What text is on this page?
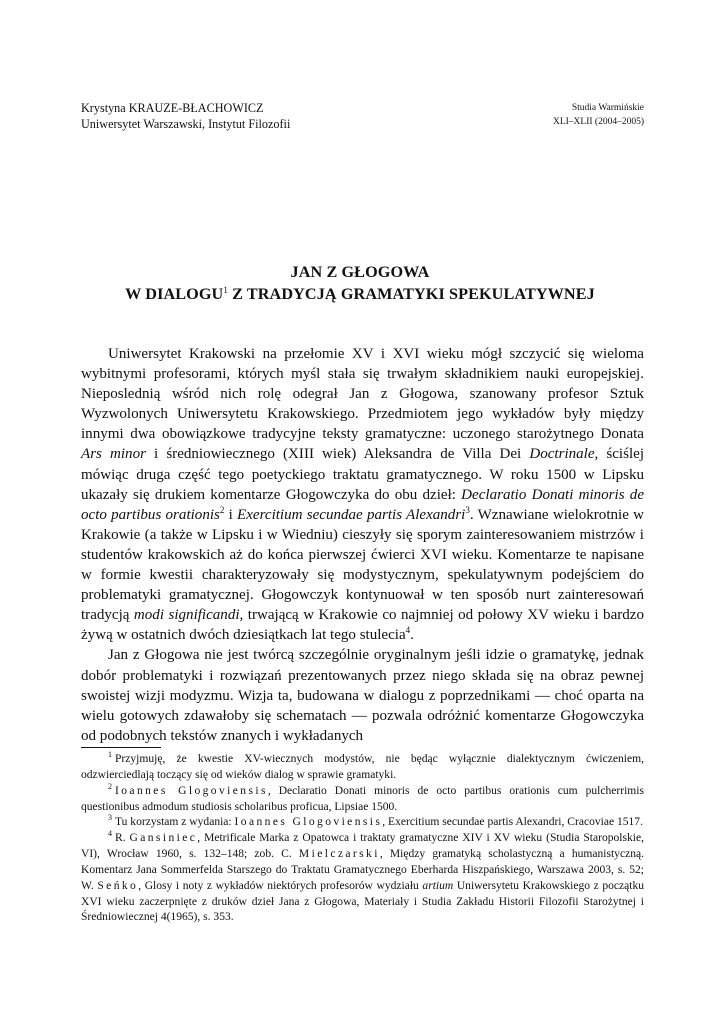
Krystyna KRAUZE-BŁACHOWICZ
Uniwersytet Warszawski, Instytut Filozofii
Studia Warmińskie
XLI–XLII (2004–2005)
JAN Z GŁOGOWA
W DIALOGU$^1$ Z TRADYCJĄ GRAMATYKI SPEKULATYWNEJ

Uniwersytet Krakowski na przełomie XV i XVI wieku mógł szczycić się wieloma wybitnymi profesorami, których myśl stała się trwałym składnikiem nauki europejskiej. Nieposlednią wśród nich rolę odegrał Jan z Głogowa, szanowany profesor Sztuk Wyzwolonych Uniwersytetu Krakowskiego. Przedmiotem jego wykładów były między innymi dwa obowiązkowe tradycyjne teksty gramatyczne: uczonego starożytnego Donata Ars minor i średniowiecznego (XIII wiek) Aleksandra de Villa Dei Doctrinale, ściślej mówiąc druga część tego poetyckiego traktatu gramatycznego. W roku 1500 w Lipsku ukazały się drukiem komentarze Głogowczyka do obu dzieł: Declaratio Donati minoris de octo partibus orationis$^2$ i Exercitium secundae partis Alexandri$^3$. Wznawiane wielokrotnie w Krakowie (a także w Lipsku i w Wiedniu) cieszyły się sporym zainteresowaniem mistrzów i studentów krakowskich aż do końca pierwszej ćwierci XVI wieku. Komentarze te napisane w formie kwestii charakteryzowały się modystycznym, spekulatywnym podejściem do problematyki gramatycznej. Głogowczyk kontynuował w ten sposób nurt zainteresowań tradycją modi significandi, trwającą w Krakowie co najmniej od połowy XV wieku i bardzo żywą w ostatnich dwóch dziesiątkach lat tego stulecia$^4$.

Jan z Głogowa nie jest twórcą szczególnie oryginalnym jeśli idzie o gramatykę, jednak dobór problematyki i rozwiązań prezentowanych przez niego składa się na obraz pewnej swoistej wizji modyzmu. Wizja ta, budowana w dialogu z poprzednikami — choć oparta na wielu gotowych zdawałoby się schematach — pozwala odróżnić komentarze Głogowczyka od podobnych tekstów znanych i wykładanych

$^1$ Przyjmuję, że kwestie XV-wiecznych modystów, nie będąc wyłącznie dialektycznym ćwiczeniem, odzwierciedlają toczący się od wieków dialog w sprawie gramatyki.

$^2$ Ioannes Glogoviensis, Declaratio Donati minoris de octo partibus orationis cum pulcherrimis questionibus admodum studiosis scholaribus proficua, Lipsiae 1500.

$^3$ Tu korzystam z wydania: Ioannes Glogoviensis, Exercitium secundae partis Alexandri, Cracoviae 1517.

$^4$ R. Gansiniec, Metrificale Marka z Opatowca i traktaty gramatyczne XIV i XV wieku (Studia Staropolskie, VI), Wrocław 1960, s. 132–148; zob. C. Mielczarski, Między gramatyką scholastyczną a humanistyczną. Komentarz Jana Sommerfelda Starszego do Traktatu Gramatycznego Eberharda Hiszpańskiego, Warszawa 2003, s. 52; W. Seńko, Glosy i noty z wykładów niektórych profesorów wydziału artium Uniwersytetu Krakowskiego z początku XVI wieku zaczerpnięte z druków dzieł Jana z Głogowa, Materiały i Studia Zakładu Historii Filozofii Starożytnej i Średniowiecznej 4(1965), s. 353.
